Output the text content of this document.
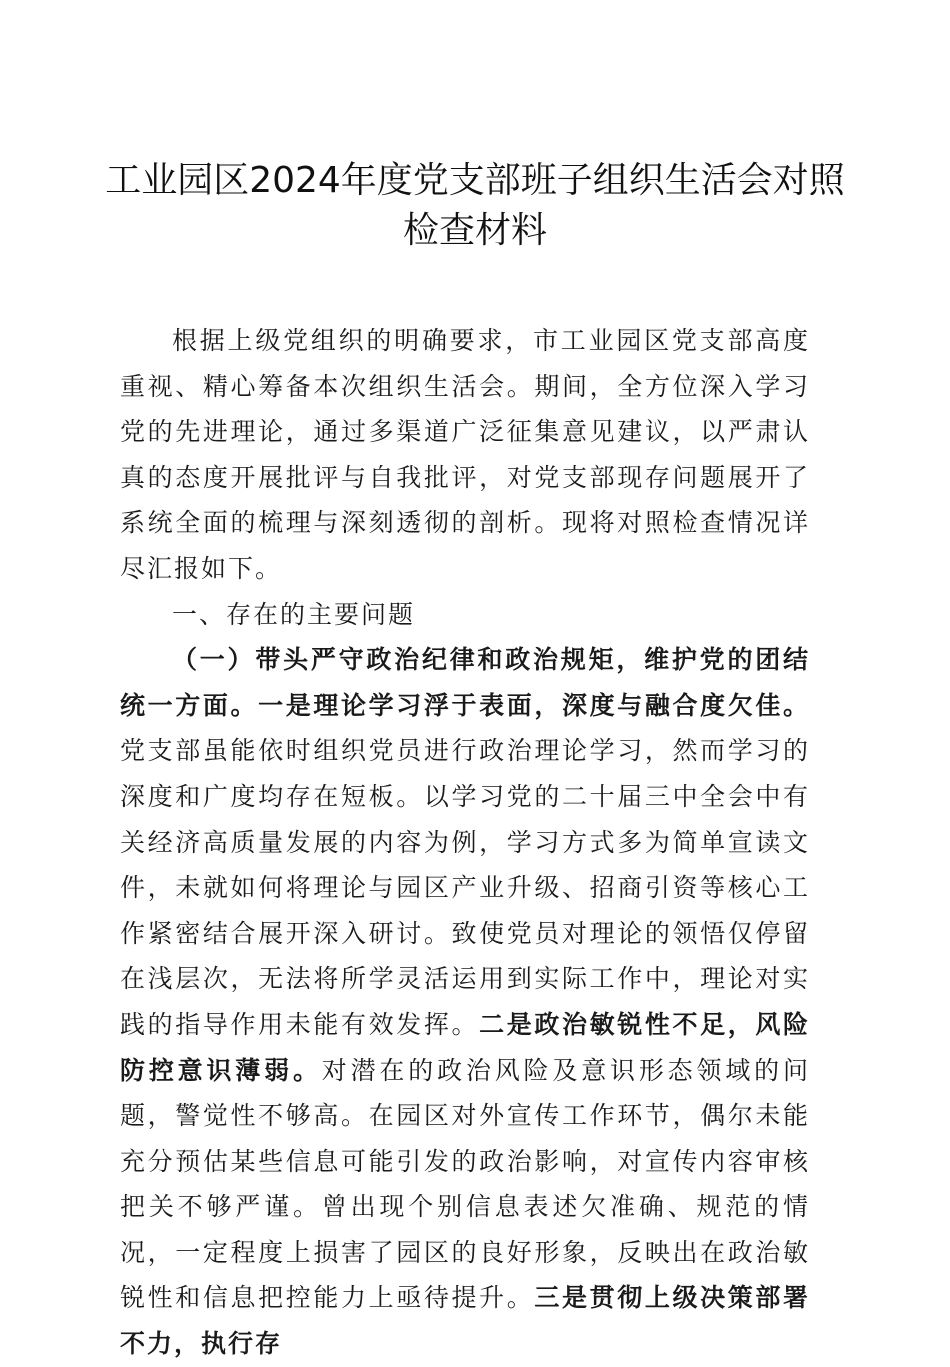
工业园区2024年度党支部班子组织生活会对照检查材料

根据上级党组织的明确要求，市工业园区党支部高度重视、精心筹备本次组织生活会。期间，全方位深入学习党的先进理论，通过多渠道广泛征集意见建议，以严肃认真的态度开展批评与自我批评，对党支部现存问题展开了系统全面的梳理与深刻透彻的剖析。现将对照检查情况详尽汇报如下。

一、存在的主要问题

（一）带头严守政治纪律和政治规矩，维护党的团结统一方面。一是理论学习浮于表面，深度与融合度欠佳。党支部虽能依时组织党员进行政治理论学习，然而学习的深度和广度均存在短板。以学习党的二十届三中全会中有关经济高质量发展的内容为例，学习方式多为简单宣读文件，未就如何将理论与园区产业升级、招商引资等核心工作紧密结合展开深入研讨。致使党员对理论的领悟仅停留在浅层次，无法将所学灵活运用到实际工作中，理论对实践的指导作用未能有效发挥。二是政治敏锐性不足，风险防控意识薄弱。对潜在的政治风险及意识形态领域的问题，警觉性不够高。在园区对外宣传工作环节，偶尔未能充分预估某些信息可能引发的政治影响，对宣传内容审核把关不够严谨。曾出现个别信息表述欠准确、规范的情况，一定程度上损害了园区的良好形象，反映出在政治敏锐性和信息把控能力上亟待提升。三是贯彻上级决策部署不力，执行存
